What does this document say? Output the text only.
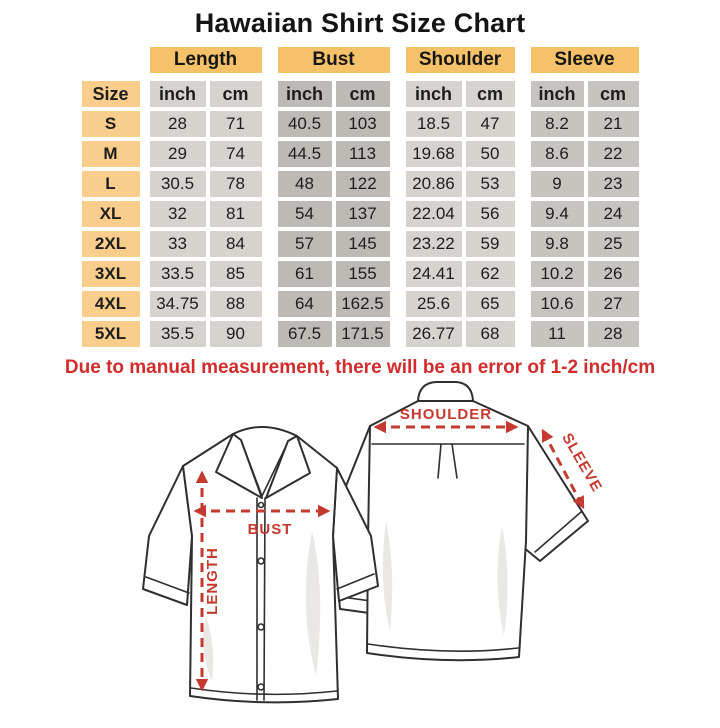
Hawaiian Shirt Size Chart
Length	Bust	Shoulder	Sleeve
Size	inch	cm	inch	cm	inch	cm	inch	cm
S	28	71	40.5	103	18.5	47	8.2	21
M	29	74	44.5	113	19.68	50	8.6	22
L	30.5	78	48	122	20.86	53	9	23
XL	32	81	54	137	22.04	56	9.4	24
2XL	33	84	57	145	23.22	59	9.8	25
3XL	33.5	85	61	155	24.41	62	10.2	26
4XL	34.75	88	64	162.5	25.6	65	10.6	27
5XL	35.5	90	67.5	171.5	26.77	68	11	28
Due to manual measurement, there will be an error of 1-2 inch/cm
SHOULDER
SLEEVE
BUST
LENGTH
